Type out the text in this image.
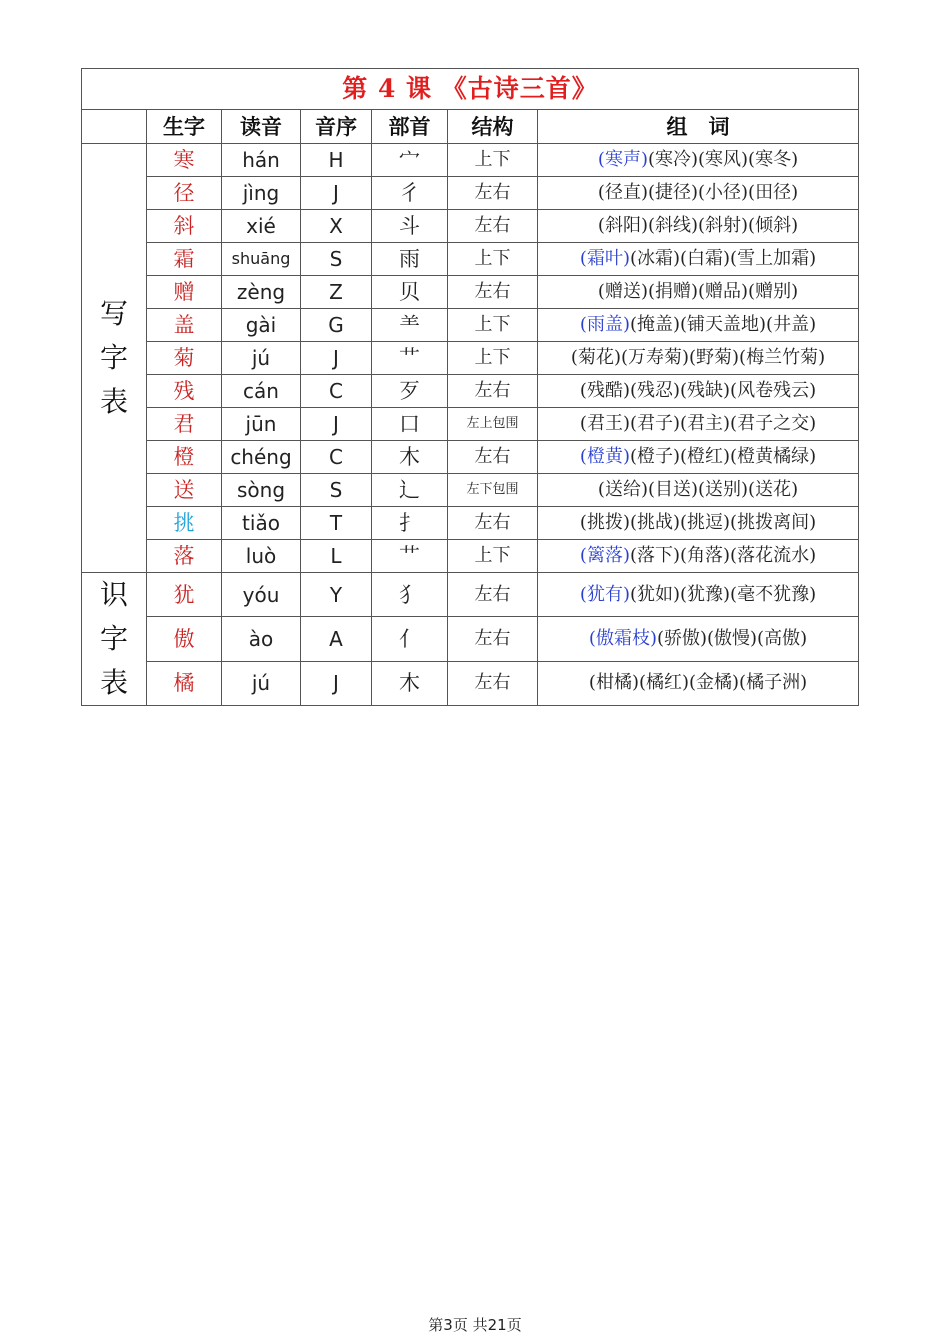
第 4 课 《古诗三首》						
	生字	读音	音序	部首	结构	组　词

写
字
表	寒	hán	H	宀	上下	(寒声)(寒冷)(寒风)(寒冬)
	径	jìng	J	彳	左右	(径直)(捷径)(小径)(田径)
	斜	xié	X	斗	左右	(斜阳)(斜线)(斜射)(倾斜)
	霜	shuāng	S	雨	上下	(霜叶)(冰霜)(白霜)(雪上加霜)
	赠	zèng	Z	贝	左右	(赠送)(捐赠)(赠品)(赠别)
	盖	gài	G	⺷	上下	(雨盖)(掩盖)(铺天盖地)(井盖)
	菊	jú	J	艹	上下	(菊花)(万寿菊)(野菊)(梅兰竹菊)
	残	cán	C	歹	左右	(残酷)(残忍)(残缺)(风卷残云)
	君	jūn	J	口	左上包围	(君王)(君子)(君主)(君子之交)
	橙	chéng	C	木	左右	(橙黄)(橙子)(橙红)(橙黄橘绿)
	送	sòng	S	辶	左下包围	(送给)(目送)(送别)(送花)
	挑	tiǎo	T	扌	左右	(挑拨)(挑战)(挑逗)(挑拨离间)
	落	luò	L	艹	上下	(篱落)(落下)(角落)(落花流水)

识
字
表	犹	yóu	Y	犭	左右	(犹有)(犹如)(犹豫)(毫不犹豫)
	傲	ào	A	亻	左右	(傲霜枝)(骄傲)(傲慢)(高傲)
	橘	jú	J	木	左右	(柑橘)(橘红)(金橘)(橘子洲)
第3页 共21页
